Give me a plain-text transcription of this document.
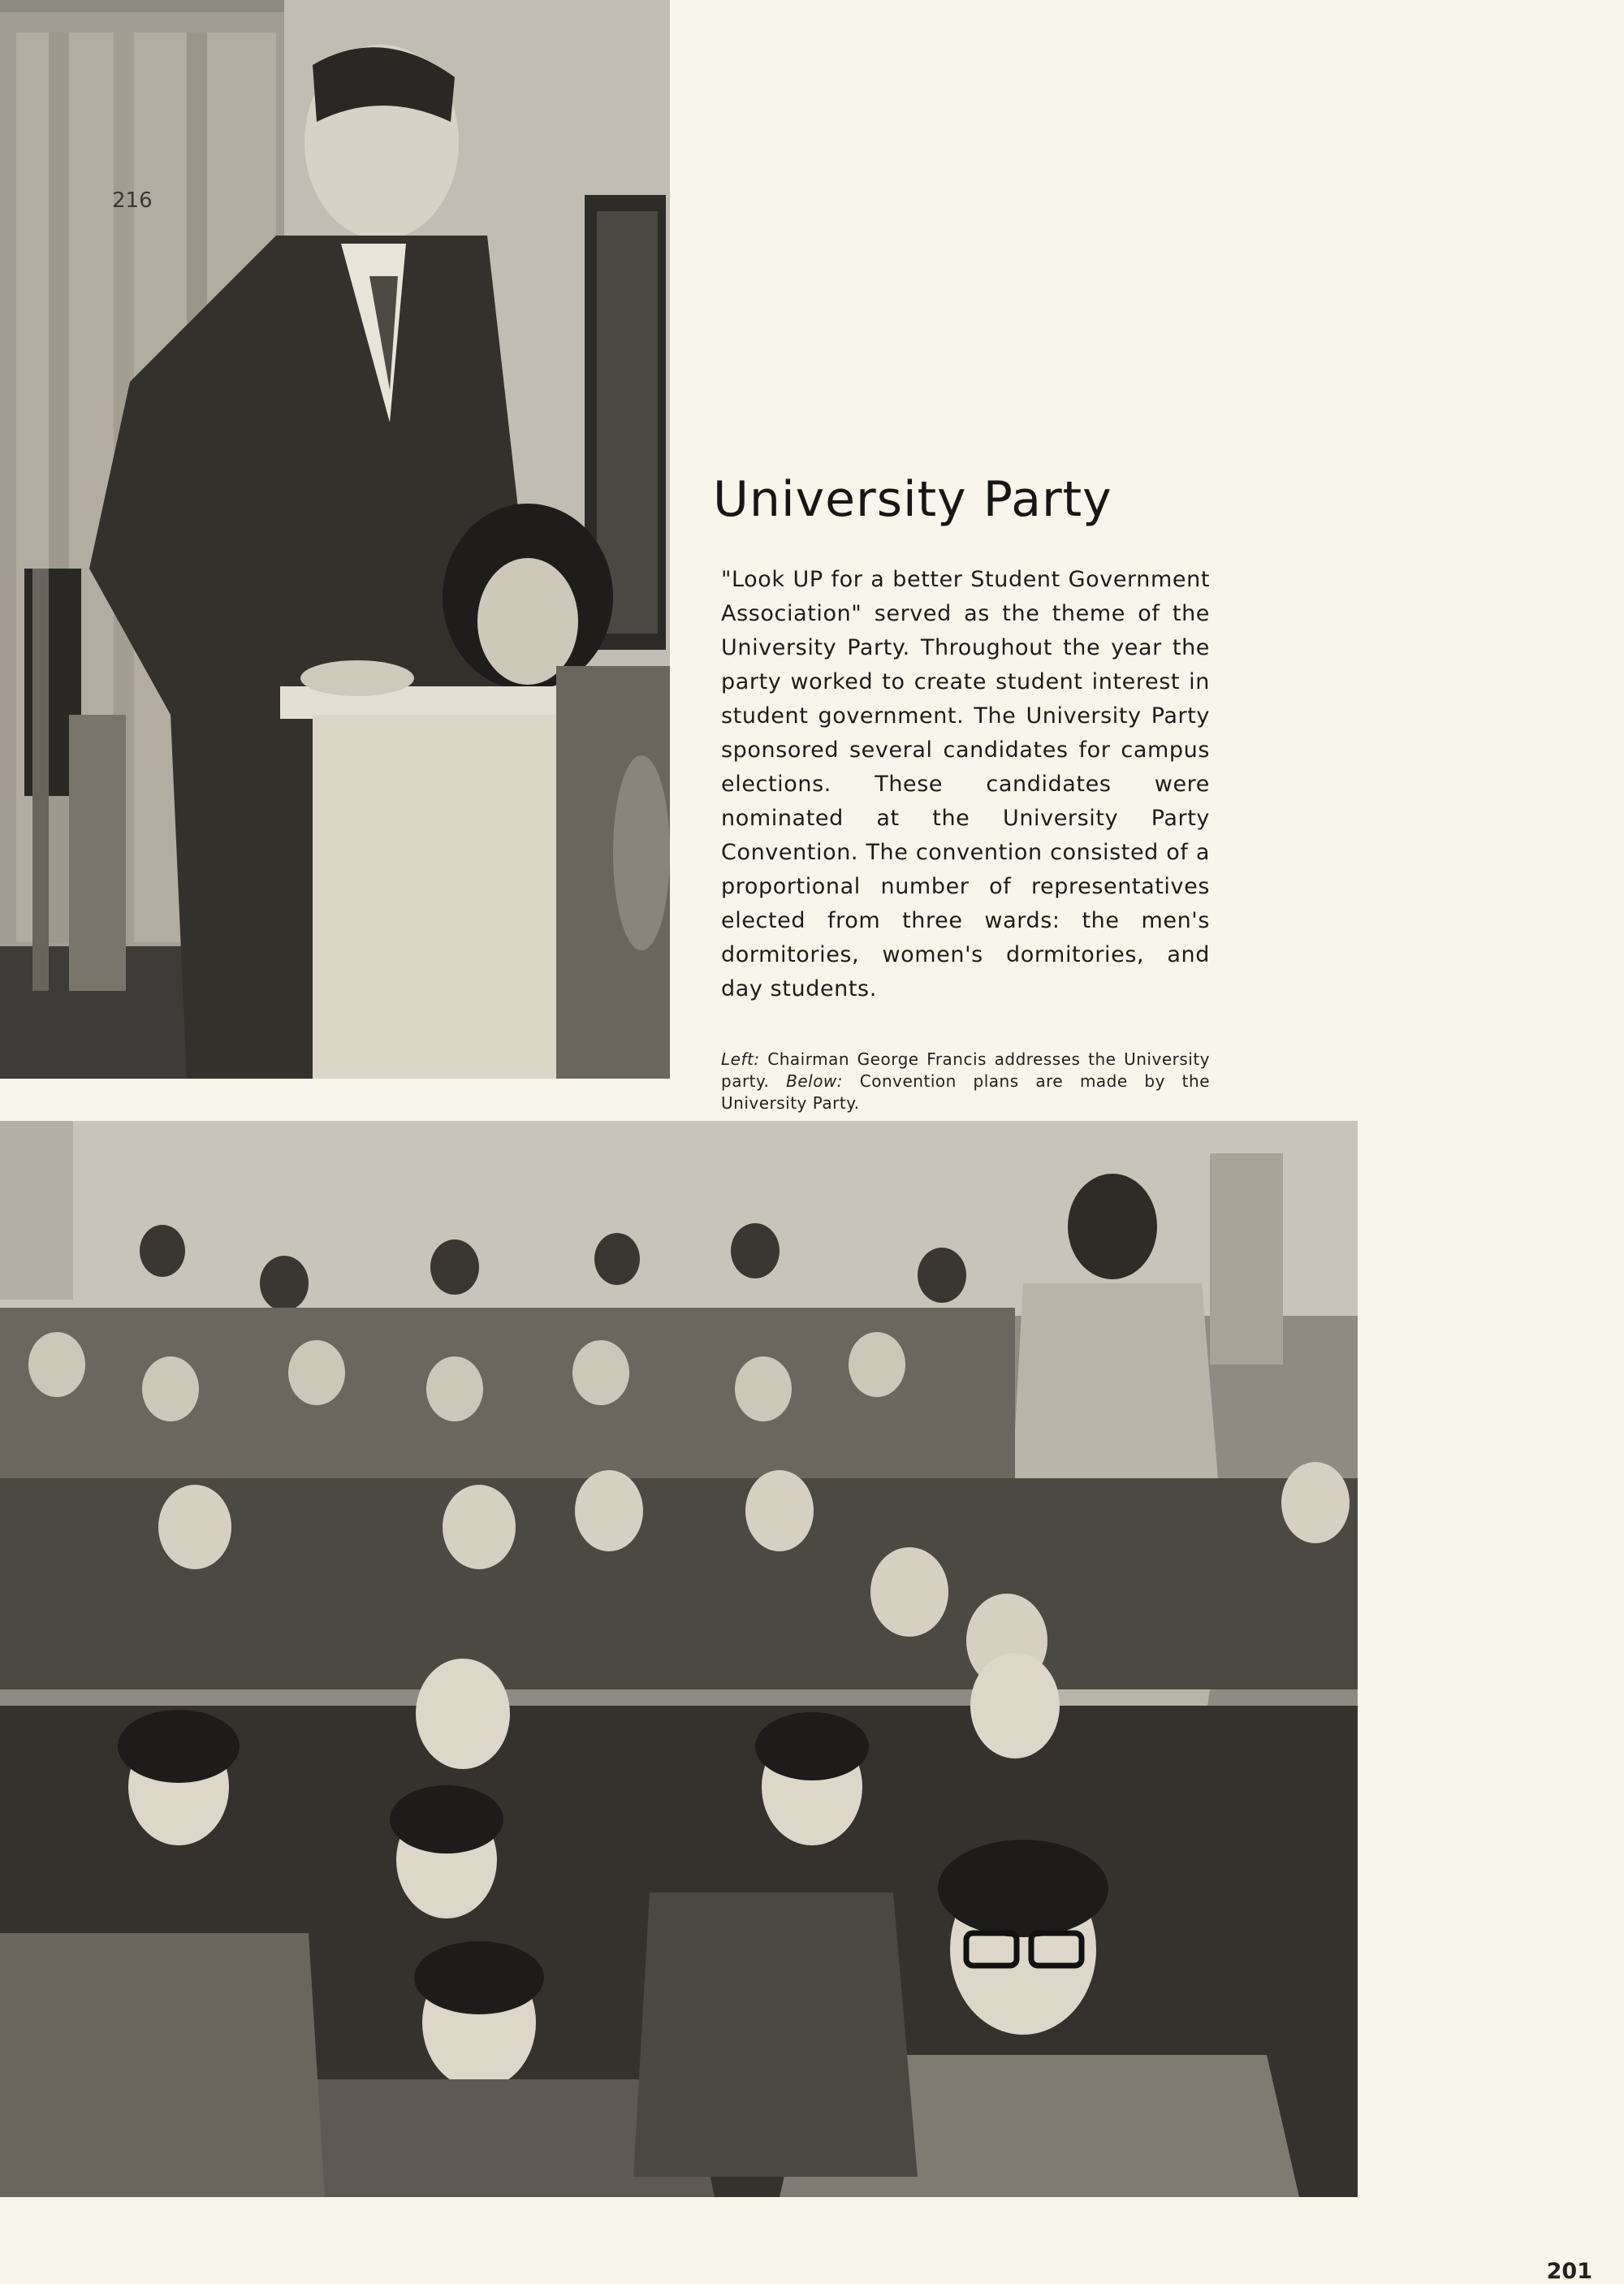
216
University Party

"Look UP for a better Student Government Association" served as the theme of the University Party. Throughout the year the party worked to create student interest in student government. The University Party sponsored several candidates for campus elections. These candidates were nominated at the University Party Convention. The convention consisted of a proportional number of representatives elected from three wards: the men's dormitories, women's dormitories, and day students.

Left: Chairman George Francis addresses the University party. Below: Convention plans are made by the University Party.

201
